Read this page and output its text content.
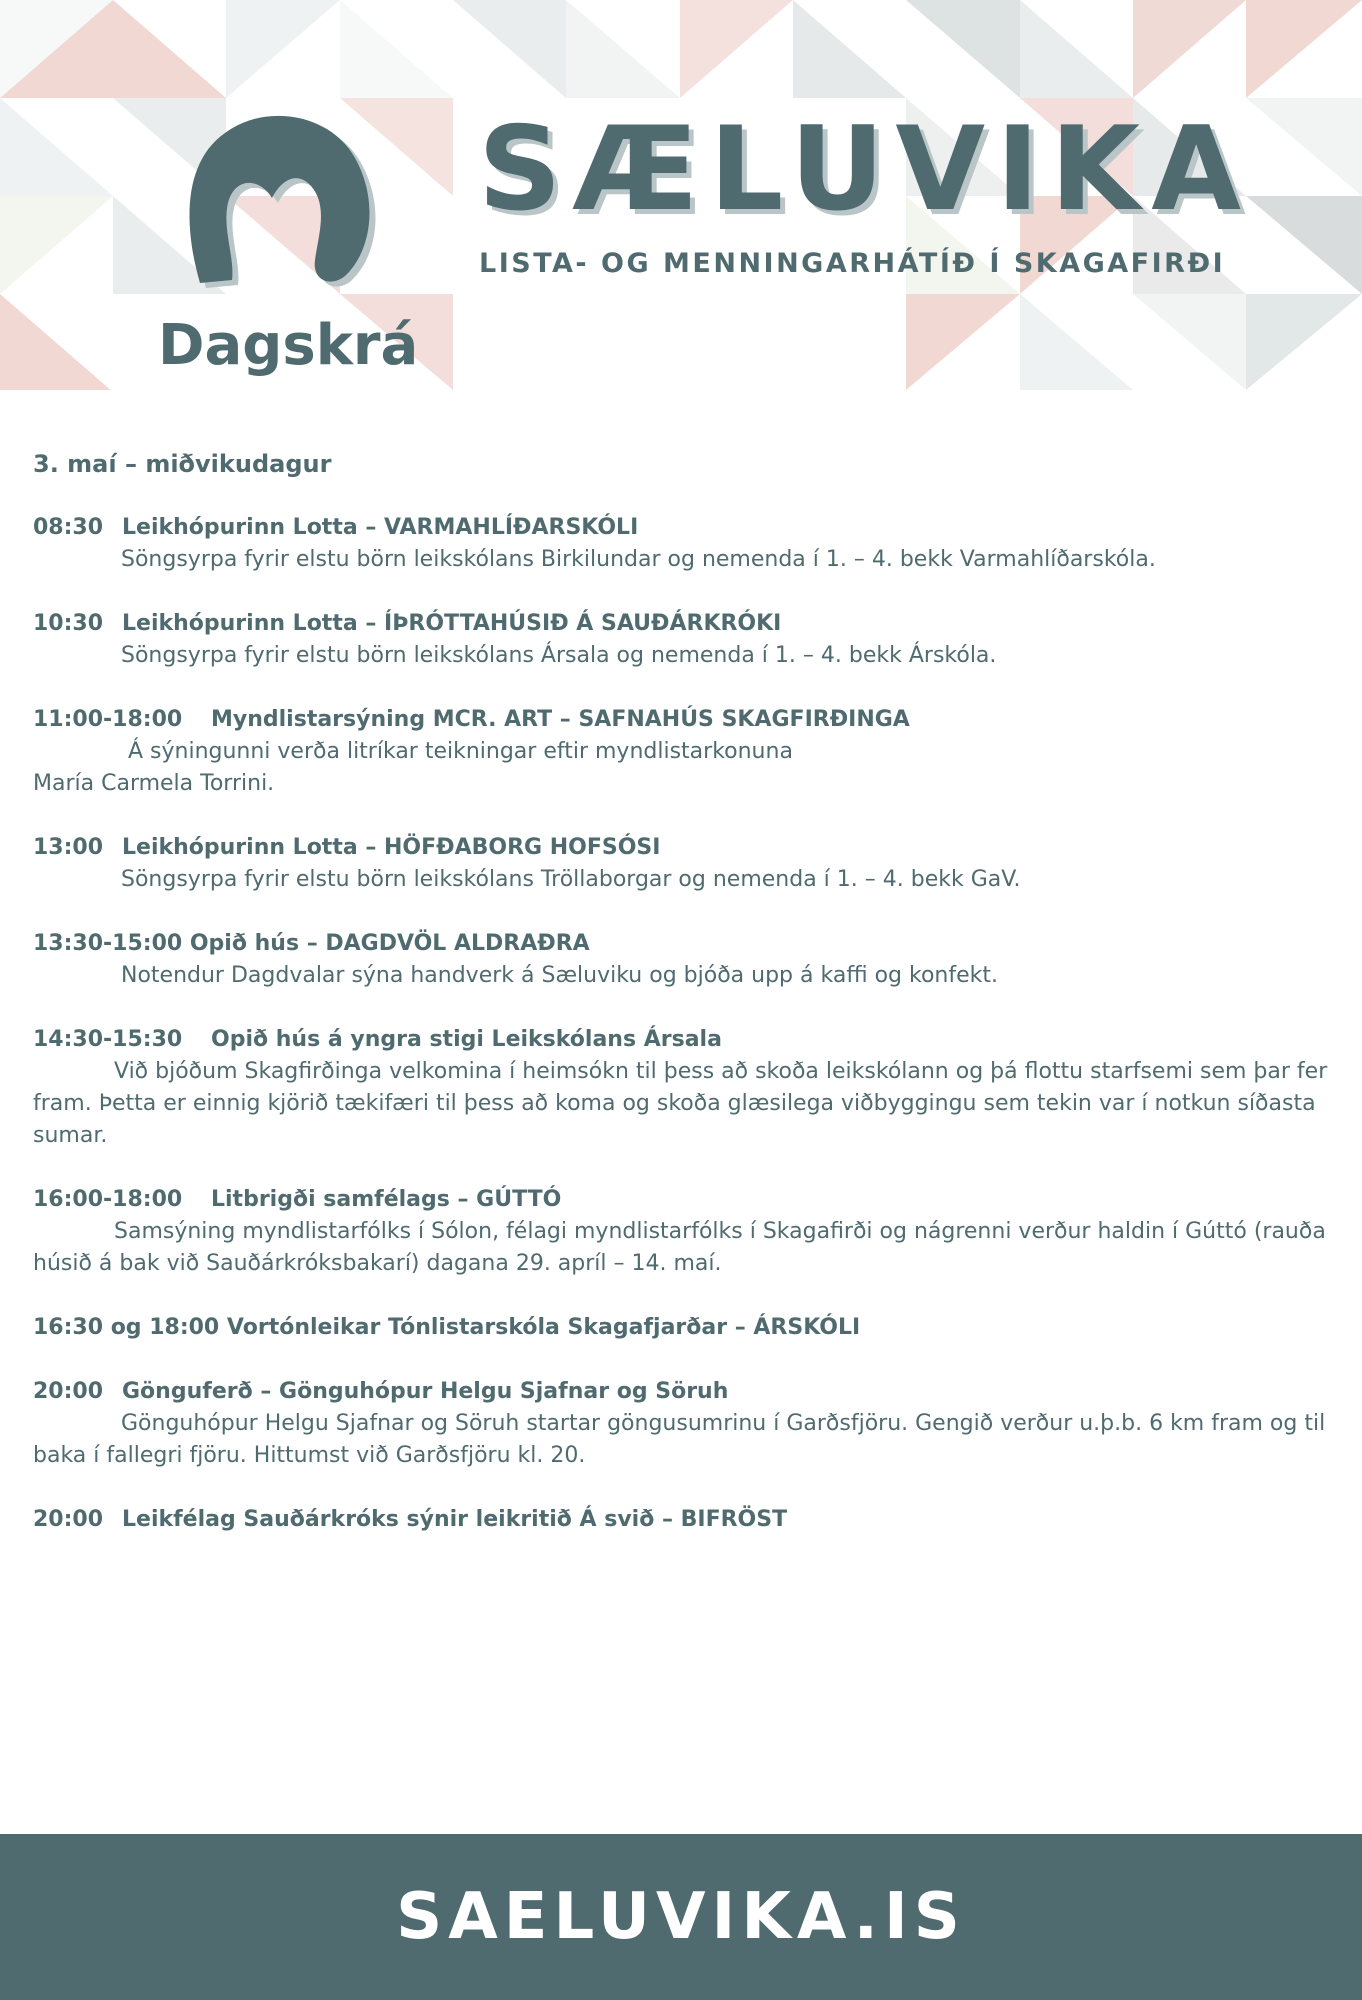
SÆLUVIKA

LISTA- OG MENNINGARHÁTÍÐ Í SKAGAFIRÐI

Dagskrá

3. maí – miðvikudagur

08:30 Leikhópurinn Lotta – VARMAHLÍÐARSKÓLI

Söngsyrpa fyrir elstu börn leikskólans Birkilundar og nemenda í 1. – 4. bekk Varmahlíðarskóla.

10:30 Leikhópurinn Lotta – ÍÞRÓTTAHÚSIÐ Á SAUÐÁRKRÓKI

Söngsyrpa fyrir elstu börn leikskólans Ársala og nemenda í 1. – 4. bekk Árskóla.

11:00-18:00 Myndlistarsýning MCR. ART – SAFNAHÚS SKAGFIRÐINGA

Á sýningunni verða litríkar teikningar eftir myndlistarkonuna

María Carmela Torrini.

13:00 Leikhópurinn Lotta – HÖFÐABORG HOFSÓSI

Söngsyrpa fyrir elstu börn leikskólans Tröllaborgar og nemenda í 1. – 4. bekk GaV.

13:30-15:00 Opið hús – DAGDVÖL ALDRAÐRA

Notendur Dagdvalar sýna handverk á Sæluviku og bjóða upp á kaffi og konfekt.

14:30-15:30 Opið hús á yngra stigi Leikskólans Ársala

Við bjóðum Skagfirðinga velkomina í heimsókn til þess að skoða leikskólann og þá flottu starfsemi sem þar fer fram. Þetta er einnig kjörið tækifæri til þess að koma og skoða glæsilega viðbyggingu sem tekin var í notkun síðasta sumar.

16:00-18:00 Litbrigði samfélags – GÚTTÓ

Samsýning myndlistarfólks í Sólon, félagi myndlistarfólks í Skagafirði og nágrenni verður haldin í Gúttó (rauða húsið á bak við Sauðárkróksbakarí) dagana 29. apríl – 14. maí.

16:30 og 18:00 Vortónleikar Tónlistarskóla Skagafjarðar – ÁRSKÓLI

20:00 Gönguferð – Gönguhópur Helgu Sjafnar og Söruh

Gönguhópur Helgu Sjafnar og Söruh startar göngusumrinu í Garðsfjöru. Gengið verður u.þ.b. 6 km fram og til baka í fallegri fjöru. Hittumst við Garðsfjöru kl. 20.

20:00 Leikfélag Sauðárkróks sýnir leikritið Á svið – BIFRÖST

SAELUVIKA.IS
